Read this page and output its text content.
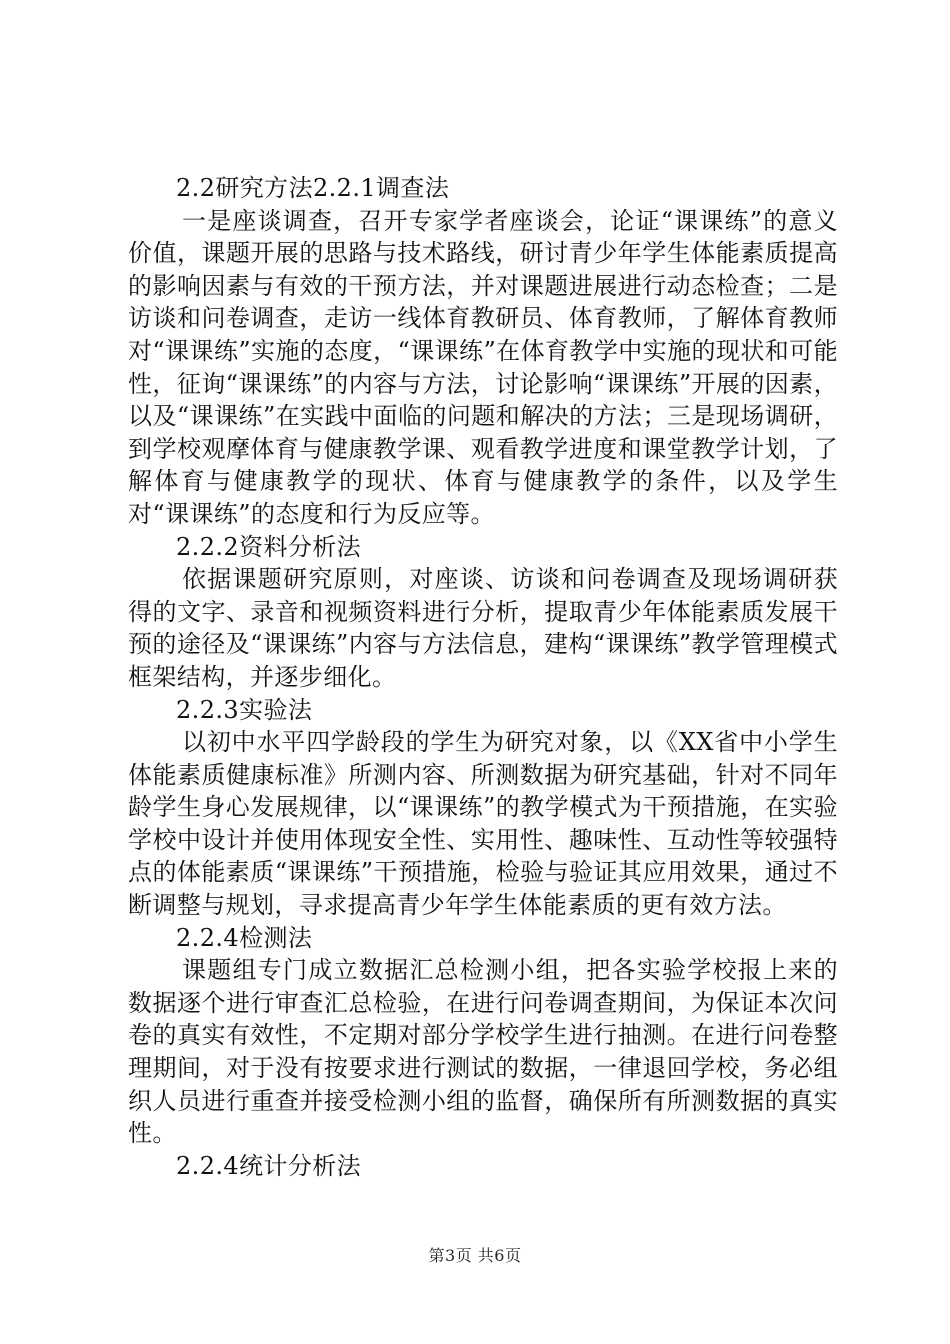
2.2研究方法2.2.1调查法

一是座谈调查，召开专家学者座谈会，论证“课课练”的意义价值，课题开展的思路与技术路线，研讨青少年学生体能素质提高的影响因素与有效的干预方法，并对课题进展进行动态检查；二是访谈和问卷调查，走访一线体育教研员、体育教师，了解体育教师对“课课练”实施的态度，“课课练”在体育教学中实施的现状和可能性，征询“课课练”的内容与方法，讨论影响“课课练”开展的因素，以及“课课练”在实践中面临的问题和解决的方法；三是现场调研，到学校观摩体育与健康教学课、观看教学进度和课堂教学计划，了解体育与健康教学的现状、体育与健康教学的条件，以及学生对“课课练”的态度和行为反应等。

2.2.2资料分析法

依据课题研究原则，对座谈、访谈和问卷调查及现场调研获得的文字、录音和视频资料进行分析，提取青少年体能素质发展干预的途径及“课课练”内容与方法信息，建构“课课练”教学管理模式框架结构，并逐步细化。

2.2.3实验法

以初中水平四学龄段的学生为研究对象，以《XX省中小学生体能素质健康标准》所测内容、所测数据为研究基础，针对不同年龄学生身心发展规律，以“课课练”的教学模式为干预措施，在实验学校中设计并使用体现安全性、实用性、趣味性、互动性等较强特点的体能素质“课课练”干预措施，检验与验证其应用效果，通过不断调整与规划，寻求提高青少年学生体能素质的更有效方法。

2.2.4检测法

课题组专门成立数据汇总检测小组，把各实验学校报上来的数据逐个进行审查汇总检验，在进行问卷调查期间，为保证本次问卷的真实有效性，不定期对部分学校学生进行抽测。在进行问卷整理期间，对于没有按要求进行测试的数据，一律退回学校，务必组织人员进行重查并接受检测小组的监督，确保所有所测数据的真实性。

2.2.4统计分析法

第3页 共6页
